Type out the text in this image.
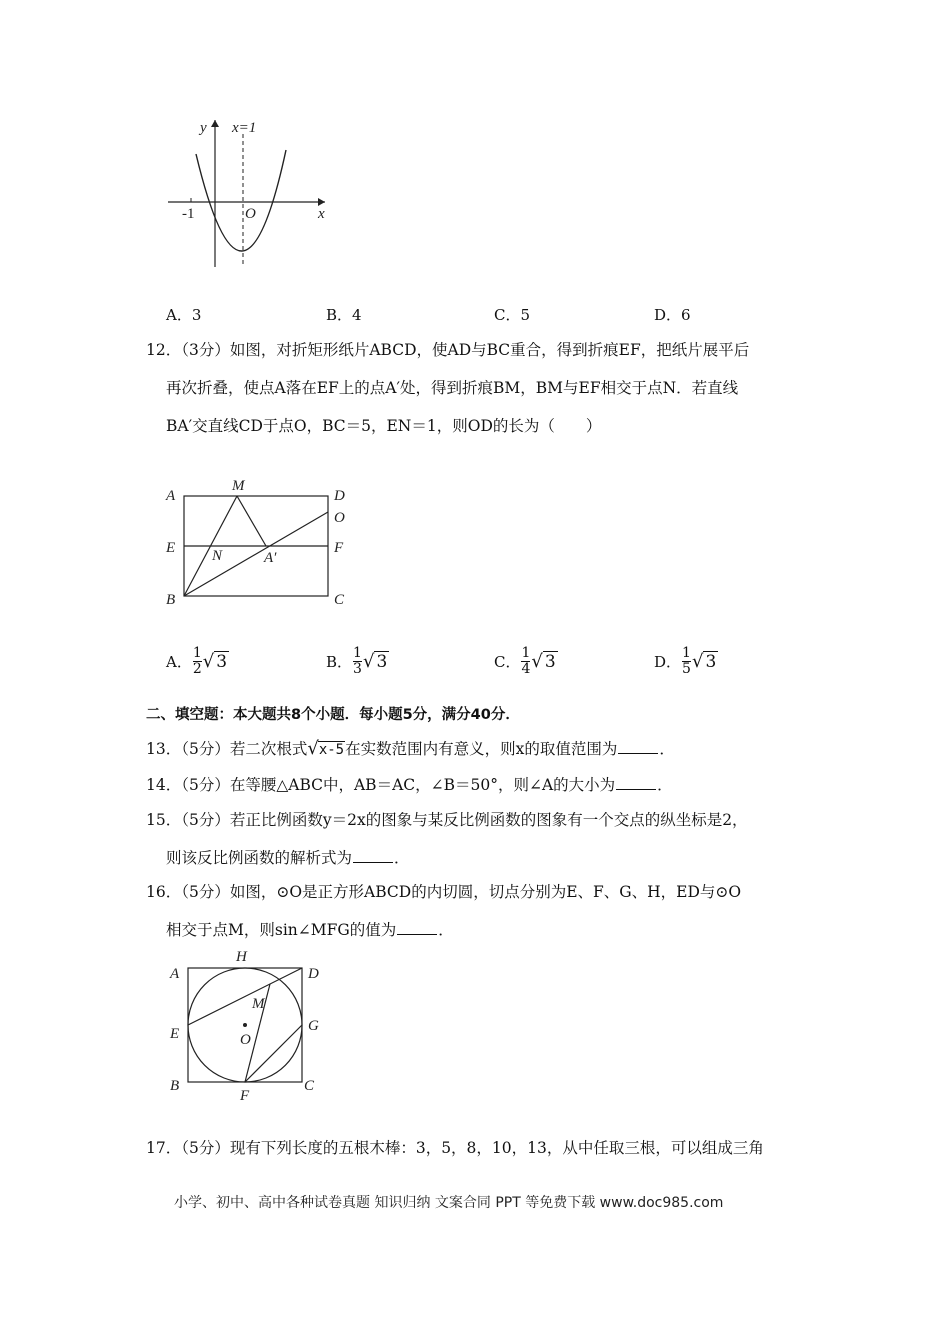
y x=1
x
-1	O
A．3	B．4	C．5	D．6
12．（3分）如图，对折矩形纸片ABCD，使AD与BC重合，得到折痕EF，把纸片展平后
再次折叠，使点A落在EF上的点A′处，得到折痕BM，BM与EF相交于点N．若直线
BA′交直线CD于点O，BC＝5，EN＝1，则OD的长为（　　）
A
M
D
O
E N	A′
F
B	C
A． $\frac{1}{2}$ √ 3	B． $\frac{1}{3}$ √ 3	C． $\frac{1}{4}$ √ 3	D． $\frac{1}{5}$ √ 3
二、填空题：本大题共8个小题．每小题5分，满分40分．
13．（5分）若二次根式√x-5在实数范围内有意义，则x的取值范围为	．
14．（5分）在等腰△ABC中，AB＝AC，∠B＝50°，则∠A的大小为	．
15．（5分）若正比例函数y＝2x的图象与某反比例函数的图象有一个交点的纵坐标是2，
则该反比例函数的解析式为	．
16．（5分）如图，⊙O是正方形ABCD的内切圆，切点分别为E、F、G、H，ED与⊙O
相交于点M，则sin∠MFG的值为	．
A
H
D
M
E	O
G
B
F
C
17．（5分）现有下列长度的五根木棒：3，5，8，10，13，从中任取三根，可以组成三角
小学、初中、高中各种试卷真题 知识归纳 文案合同 PPT 等免费下载 www.doc985.com
